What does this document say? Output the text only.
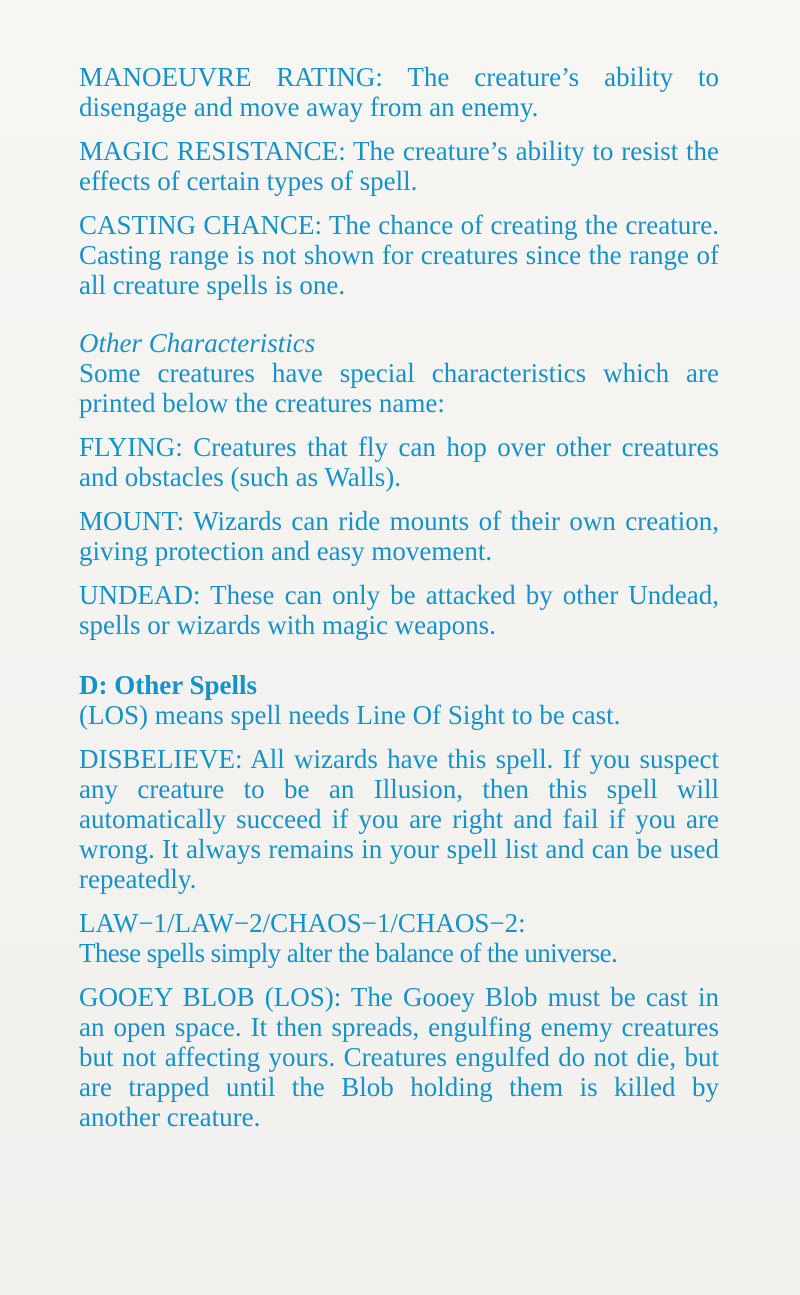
MANOEUVRE RATING: The creature’s ability to disengage and move away from an enemy.

MAGIC RESISTANCE: The creature’s ability to resist the effects of certain types of spell.

CASTING CHANCE: The chance of creating the creature. Casting range is not shown for creatures since the range of all creature spells is one.

Other Characteristics

Some creatures have special characteristics which are printed below the creatures name:

FLYING: Creatures that fly can hop over other creatures and obstacles (such as Walls).

MOUNT: Wizards can ride mounts of their own creation, giving protection and easy movement.

UNDEAD: These can only be attacked by other Undead, spells or wizards with magic weapons.

D: Other Spells

(LOS) means spell needs Line Of Sight to be cast.

DISBELIEVE: All wizards have this spell. If you suspect any creature to be an Illusion, then this spell will automatically succeed if you are right and fail if you are wrong. It always remains in your spell list and can be used repeatedly.

LAW−1/LAW−2/CHAOS−1/CHAOS−2:
These spells simply alter the balance of the universe.

GOOEY BLOB (LOS): The Gooey Blob must be cast in an open space. It then spreads, engulfing enemy creatures but not affecting yours. Creatures engulfed do not die, but are trapped until the Blob holding them is killed by another creature.
